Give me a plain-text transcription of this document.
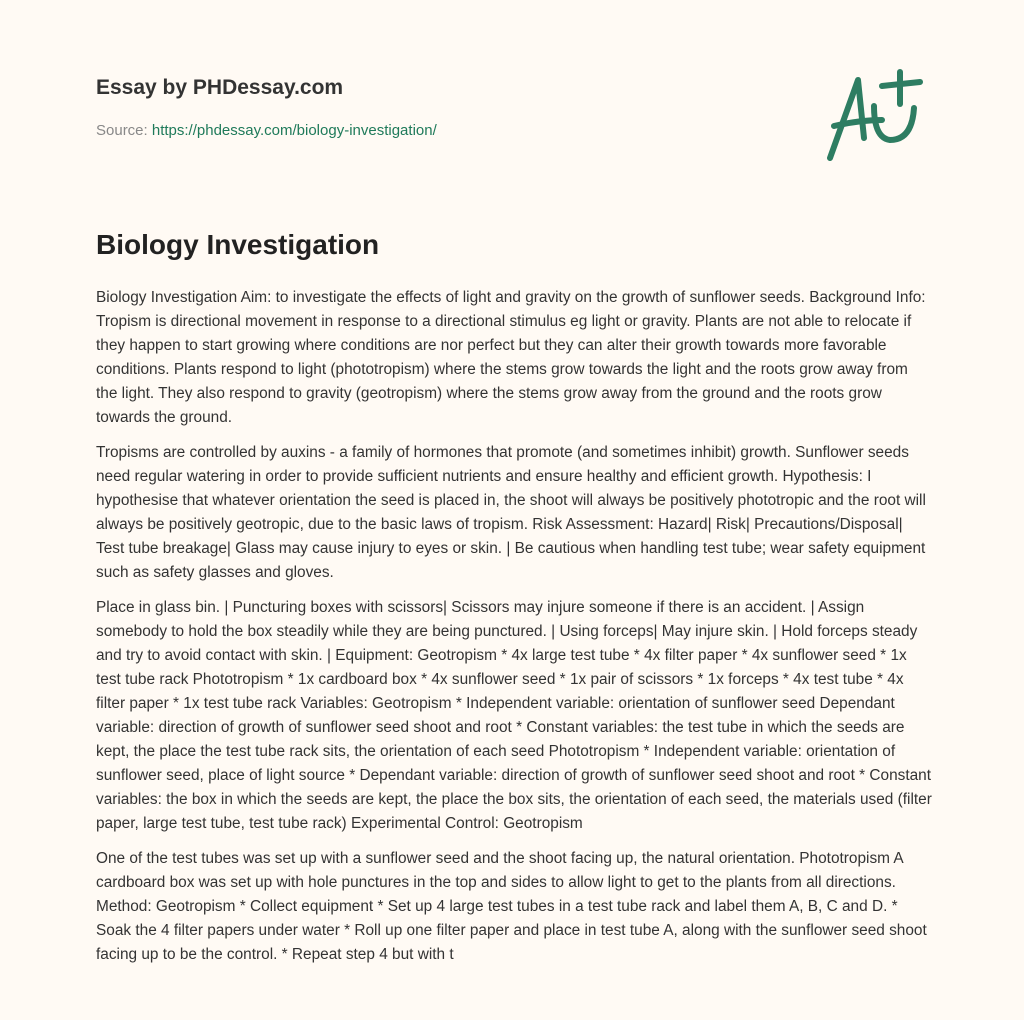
Essay by PHDessay.com
Source: https://phdessay.com/biology-investigation/
Biology Investigation

Biology Investigation Aim: to investigate the effects of light and gravity on the growth of sunflower seeds. Background Info: Tropism is directional movement in response to a directional stimulus eg light or gravity. Plants are not able to relocate if they happen to start growing where conditions are nor perfect but they can alter their growth towards more favorable conditions. Plants respond to light (phototropism) where the stems grow towards the light and the roots grow away from the light. They also respond to gravity (geotropism) where the stems grow away from the ground and the roots grow towards the ground.

Tropisms are controlled by auxins - a family of hormones that promote (and sometimes inhibit) growth. Sunflower seeds need regular watering in order to provide sufficient nutrients and ensure healthy and efficient growth. Hypothesis: I hypothesise that whatever orientation the seed is placed in, the shoot will always be positively phototropic and the root will always be positively geotropic, due to the basic laws of tropism. Risk Assessment: Hazard| Risk| Precautions/Disposal| Test tube breakage| Glass may cause injury to eyes or skin. | Be cautious when handling test tube; wear safety equipment such as safety glasses and gloves.

Place in glass bin. | Puncturing boxes with scissors| Scissors may injure someone if there is an accident. | Assign somebody to hold the box steadily while they are being punctured. | Using forceps| May injure skin. | Hold forceps steady and try to avoid contact with skin. | Equipment: Geotropism * 4x large test tube * 4x filter paper * 4x sunflower seed * 1x test tube rack Phototropism * 1x cardboard box * 4x sunflower seed * 1x pair of scissors * 1x forceps * 4x test tube * 4x filter paper * 1x test tube rack Variables: Geotropism * Independent variable: orientation of sunflower seed Dependant variable: direction of growth of sunflower seed shoot and root * Constant variables: the test tube in which the seeds are kept, the place the test tube rack sits, the orientation of each seed Phototropism * Independent variable: orientation of sunflower seed, place of light source * Dependant variable: direction of growth of sunflower seed shoot and root * Constant variables: the box in which the seeds are kept, the place the box sits, the orientation of each seed, the materials used (filter paper, large test tube, test tube rack) Experimental Control: Geotropism

One of the test tubes was set up with a sunflower seed and the shoot facing up, the natural orientation. Phototropism A cardboard box was set up with hole punctures in the top and sides to allow light to get to the plants from all directions. Method: Geotropism * Collect equipment * Set up 4 large test tubes in a test tube rack and label them A, B, C and D. * Soak the 4 filter papers under water * Roll up one filter paper and place in test tube A, along with the sunflower seed shoot facing up to be the control. * Repeat step 4 but with t
